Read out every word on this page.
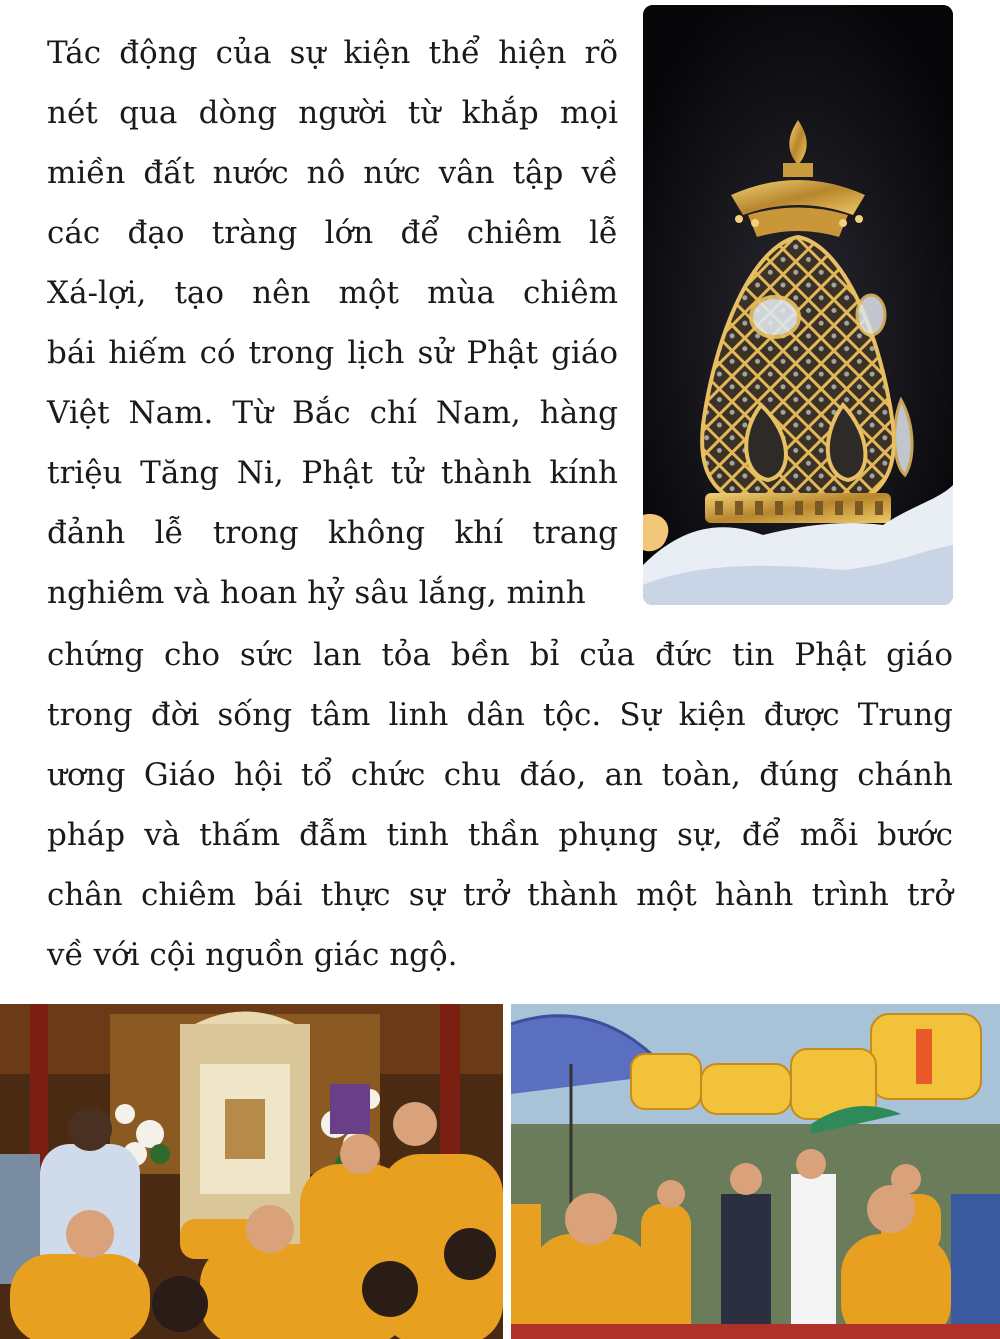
Tác động của sự kiện thể hiện rõ
nét qua dòng người từ khắp mọi
miền đất nước nô nức vân tập về
các đạo tràng lớn để chiêm lễ
Xá-lợi, tạo nên một mùa chiêm
bái hiếm có trong lịch sử Phật giáo
Việt Nam. Từ Bắc chí Nam, hàng
triệu Tăng Ni, Phật tử thành kính
đảnh lễ trong không khí trang
nghiêm và hoan hỷ sâu lắng, minh
chứng cho sức lan tỏa bền bỉ của đức tin Phật giáo
trong đời sống tâm linh dân tộc. Sự kiện được Trung
ương Giáo hội tổ chức chu đáo, an toàn, đúng chánh
pháp và thấm đẫm tinh thần phụng sự, để mỗi bước
chân chiêm bái thực sự trở thành một hành trình trở
về với cội nguồn giác ngộ.
